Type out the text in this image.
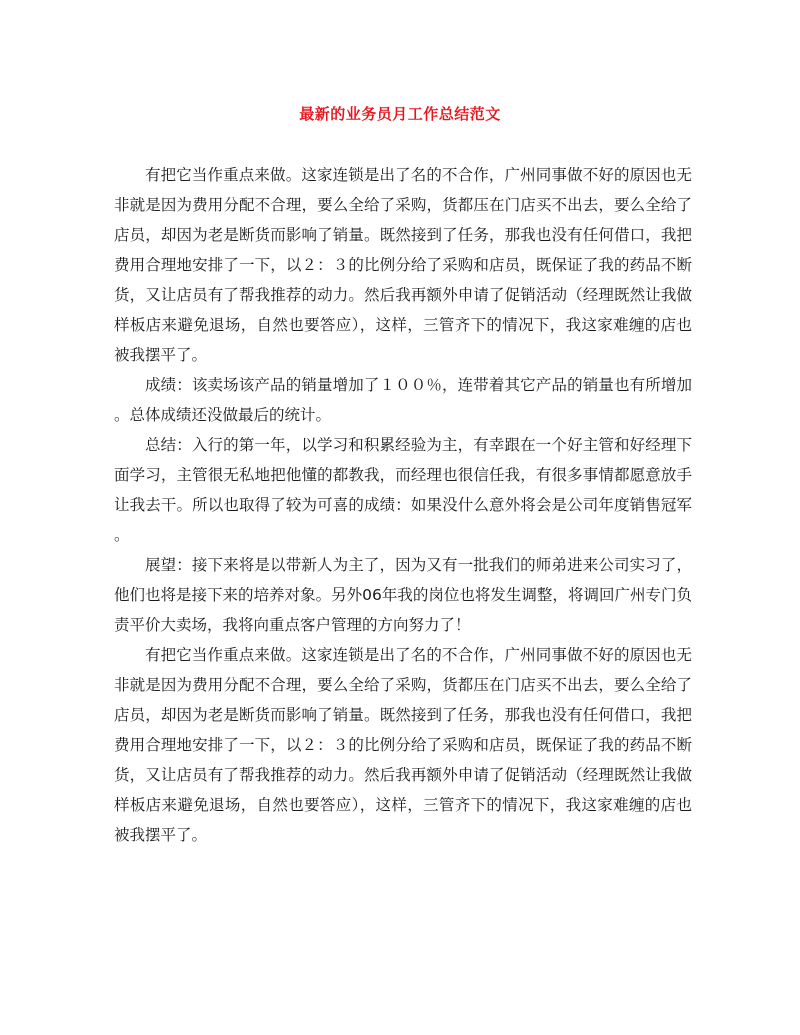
最新的业务员月工作总结范文

有把它当作重点来做。这家连锁是出了名的不合作，广州同事做不好的原因也无非就是因为费用分配不合理，要么全给了采购，货都压在门店买不出去，要么全给了店员，却因为老是断货而影响了销量。既然接到了任务，那我也没有任何借口，我把费用合理地安排了一下，以２：３的比例分给了采购和店员，既保证了我的药品不断货，又让店员有了帮我推荐的动力。然后我再额外申请了促销活动（经理既然让我做样板店来避免退场，自然也要答应），这样，三管齐下的情况下，我这家难缠的店也被我摆平了。

成绩：该卖场该产品的销量增加了１００％，连带着其它产品的销量也有所增加。总体成绩还没做最后的统计。

总结：入行的第一年，以学习和积累经验为主，有幸跟在一个好主管和好经理下面学习，主管很无私地把他懂的都教我，而经理也很信任我，有很多事情都愿意放手让我去干。所以也取得了较为可喜的成绩：如果没什么意外将会是公司年度销售冠军。

展望：接下来将是以带新人为主了，因为又有一批我们的师弟进来公司实习了，他们也将是接下来的培养对象。另外06年我的岗位也将发生调整，将调回广州专门负责平价大卖场，我将向重点客户管理的方向努力了！

有把它当作重点来做。这家连锁是出了名的不合作，广州同事做不好的原因也无非就是因为费用分配不合理，要么全给了采购，货都压在门店买不出去，要么全给了店员，却因为老是断货而影响了销量。既然接到了任务，那我也没有任何借口，我把费用合理地安排了一下，以２：３的比例分给了采购和店员，既保证了我的药品不断货，又让店员有了帮我推荐的动力。然后我再额外申请了促销活动（经理既然让我做样板店来避免退场，自然也要答应），这样，三管齐下的情况下，我这家难缠的店也被我摆平了。
